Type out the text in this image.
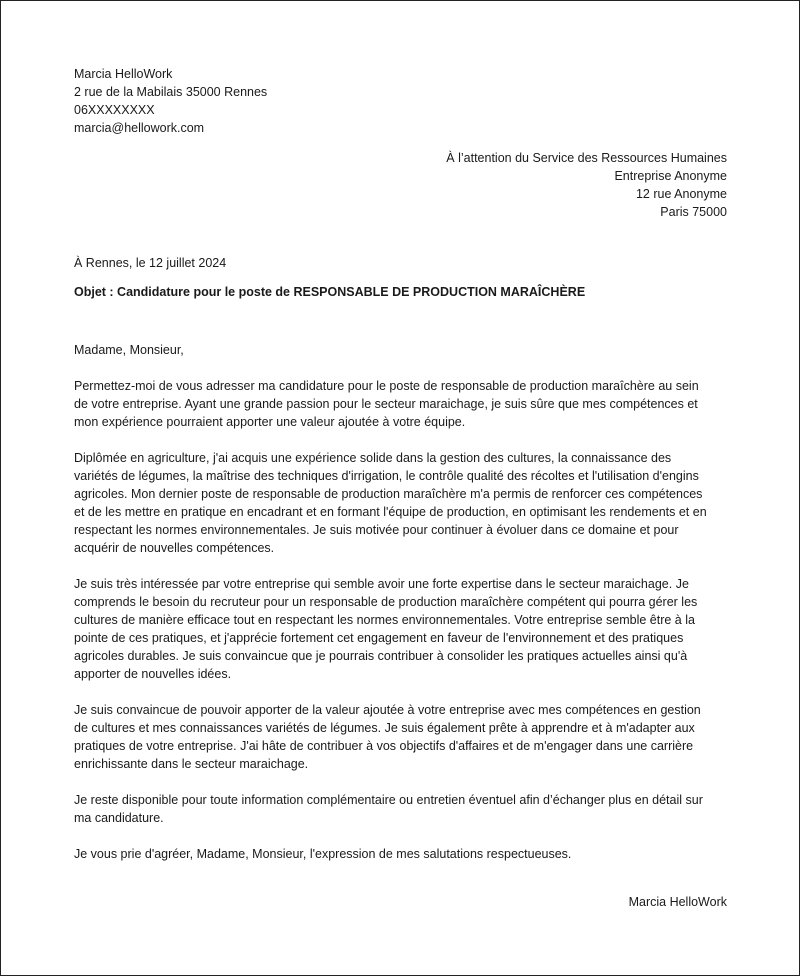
Marcia HelloWork
2 rue de la Mabilais 35000 Rennes
06XXXXXXXX
marcia@hellowork.com
À l’attention du Service des Ressources Humaines
Entreprise Anonyme
12 rue Anonyme
Paris 75000
À Rennes, le 12 juillet 2024
Objet : Candidature pour le poste de RESPONSABLE DE PRODUCTION MARAÎCHÈRE

Madame, Monsieur,

Permettez-moi de vous adresser ma candidature pour le poste de responsable de production maraîchère au sein
de votre entreprise. Ayant une grande passion pour le secteur maraichage, je suis sûre que mes compétences et
mon expérience pourraient apporter une valeur ajoutée à votre équipe.

Diplômée en agriculture, j'ai acquis une expérience solide dans la gestion des cultures, la connaissance des
variétés de légumes, la maîtrise des techniques d'irrigation, le contrôle qualité des récoltes et l'utilisation d'engins
agricoles. Mon dernier poste de responsable de production maraîchère m'a permis de renforcer ces compétences
et de les mettre en pratique en encadrant et en formant l'équipe de production, en optimisant les rendements et en
respectant les normes environnementales. Je suis motivée pour continuer à évoluer dans ce domaine et pour
acquérir de nouvelles compétences.

Je suis très intéressée par votre entreprise qui semble avoir une forte expertise dans le secteur maraichage. Je
comprends le besoin du recruteur pour un responsable de production maraîchère compétent qui pourra gérer les
cultures de manière efficace tout en respectant les normes environnementales. Votre entreprise semble être à la
pointe de ces pratiques, et j'apprécie fortement cet engagement en faveur de l'environnement et des pratiques
agricoles durables. Je suis convaincue que je pourrais contribuer à consolider les pratiques actuelles ainsi qu'à
apporter de nouvelles idées.

Je suis convaincue de pouvoir apporter de la valeur ajoutée à votre entreprise avec mes compétences en gestion
de cultures et mes connaissances variétés de légumes. Je suis également prête à apprendre et à m'adapter aux
pratiques de votre entreprise. J'ai hâte de contribuer à vos objectifs d'affaires et de m'engager dans une carrière
enrichissante dans le secteur maraichage.

Je reste disponible pour toute information complémentaire ou entretien éventuel afin d’échanger plus en détail sur
ma candidature.

Je vous prie d'agréer, Madame, Monsieur, l'expression de mes salutations respectueuses.

Marcia HelloWork
